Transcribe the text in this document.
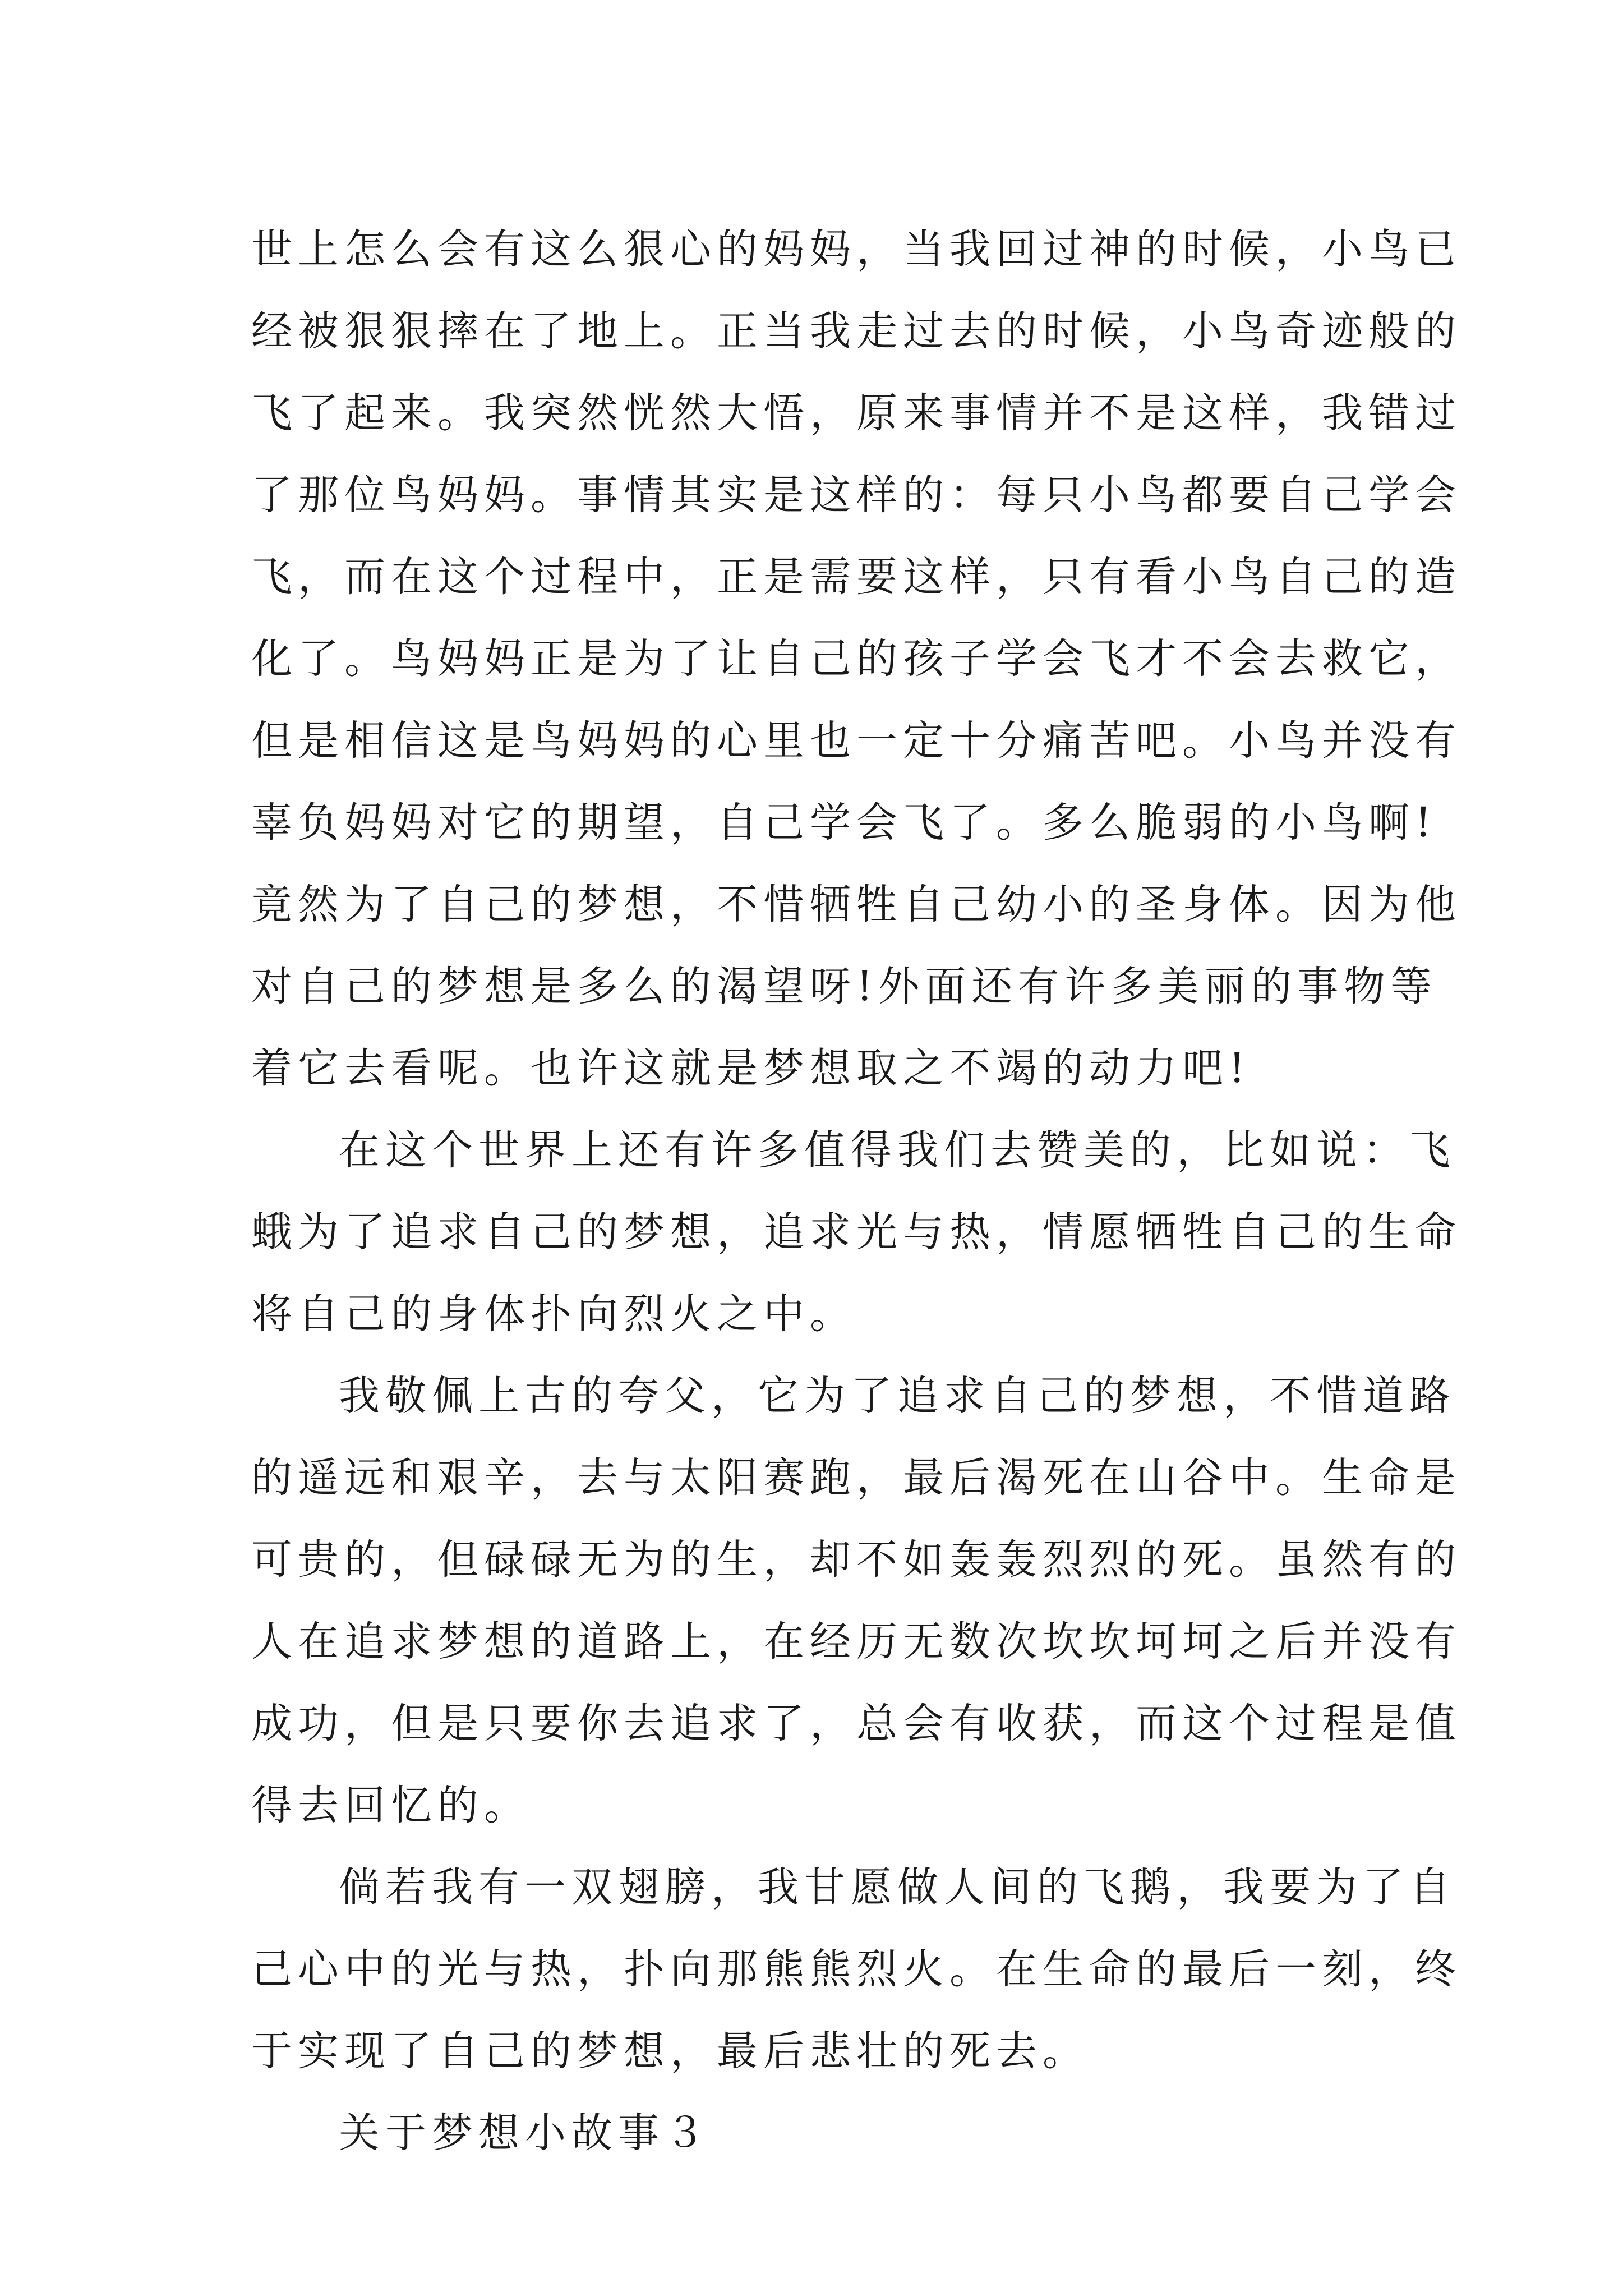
世上怎么会有这么狠心的妈妈，当我回过神的时候，小鸟已
经被狠狠摔在了地上。正当我走过去的时候，小鸟奇迹般的
飞了起来。我突然恍然大悟，原来事情并不是这样，我错过
了那位鸟妈妈。事情其实是这样的：每只小鸟都要自己学会
飞，而在这个过程中，正是需要这样，只有看小鸟自己的造
化了。鸟妈妈正是为了让自己的孩子学会飞才不会去救它，
但是相信这是鸟妈妈的心里也一定十分痛苦吧。小鸟并没有
辜负妈妈对它的期望，自己学会飞了。多么脆弱的小鸟啊!
竟然为了自己的梦想，不惜牺牲自己幼小的圣身体。因为他
对自己的梦想是多么的渴望呀!外面还有许多美丽的事物等
着它去看呢。也许这就是梦想取之不竭的动力吧!
在这个世界上还有许多值得我们去赞美的，比如说：飞
蛾为了追求自己的梦想，追求光与热，情愿牺牲自己的生命
将自己的身体扑向烈火之中。
我敬佩上古的夸父，它为了追求自己的梦想，不惜道路
的遥远和艰辛，去与太阳赛跑，最后渴死在山谷中。生命是
可贵的，但碌碌无为的生，却不如轰轰烈烈的死。虽然有的
人在追求梦想的道路上，在经历无数次坎坎坷坷之后并没有
成功，但是只要你去追求了，总会有收获，而这个过程是值
得去回忆的。
倘若我有一双翅膀，我甘愿做人间的飞鹅，我要为了自
己心中的光与热，扑向那熊熊烈火。在生命的最后一刻，终
于实现了自己的梦想，最后悲壮的死去。
关于梦想小故事３
